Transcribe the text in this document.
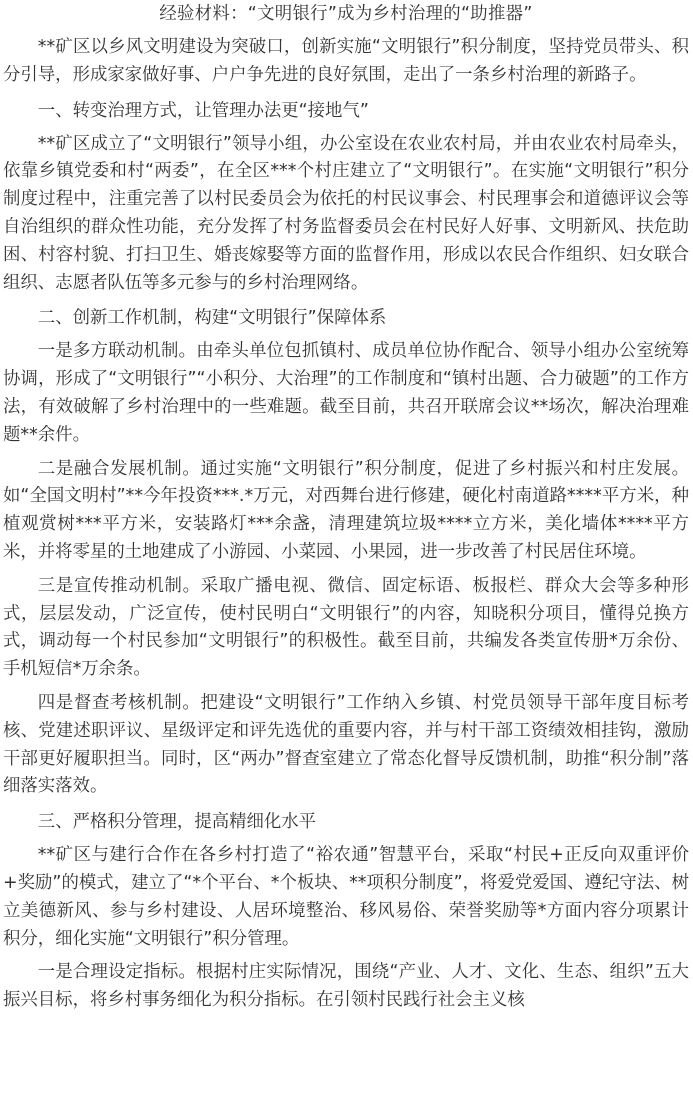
经验材料：“文明银行”成为乡村治理的“助推器”

**矿区以乡风文明建设为突破口，创新实施“文明银行”积分制度，坚持党员带头、积分引导，形成家家做好事、户户争先进的良好氛围，走出了一条乡村治理的新路子。

一、转变治理方式，让管理办法更“接地气”

**矿区成立了“文明银行”领导小组，办公室设在农业农村局，并由农业农村局牵头，依靠乡镇党委和村“两委”，在全区***个村庄建立了“文明银行”。在实施“文明银行”积分制度过程中，注重完善了以村民委员会为依托的村民议事会、村民理事会和道德评议会等自治组织的群众性功能，充分发挥了村务监督委员会在村民好人好事、文明新风、扶危助困、村容村貌、打扫卫生、婚丧嫁娶等方面的监督作用，形成以农民合作组织、妇女联合组织、志愿者队伍等多元参与的乡村治理网络。

二、创新工作机制，构建“文明银行”保障体系

一是多方联动机制。由牵头单位包抓镇村、成员单位协作配合、领导小组办公室统筹协调，形成了“文明银行”“小积分、大治理”的工作制度和“镇村出题、合力破题”的工作方法，有效破解了乡村治理中的一些难题。截至目前，共召开联席会议**场次，解决治理难题**余件。

二是融合发展机制。通过实施“文明银行”积分制度，促进了乡村振兴和村庄发展。如“全国文明村”**今年投资***.*万元，对西舞台进行修建，硬化村南道路****平方米，种植观赏树***平方米，安装路灯***余盏，清理建筑垃圾****立方米，美化墙体****平方米，并将零星的土地建成了小游园、小菜园、小果园，进一步改善了村民居住环境。

三是宣传推动机制。采取广播电视、微信、固定标语、板报栏、群众大会等多种形式，层层发动，广泛宣传，使村民明白“文明银行”的内容，知晓积分项目，懂得兑换方式，调动每一个村民参加“文明银行”的积极性。截至目前，共编发各类宣传册*万余份、手机短信*万余条。

四是督查考核机制。把建设“文明银行”工作纳入乡镇、村党员领导干部年度目标考核、党建述职评议、星级评定和评先选优的重要内容，并与村干部工资绩效相挂钩，激励干部更好履职担当。同时，区“两办”督查室建立了常态化督导反馈机制，助推“积分制”落细落实落效。

三、严格积分管理，提高精细化水平

**矿区与建行合作在各乡村打造了“裕农通”智慧平台，采取“村民+正反向双重评价+奖励”的模式，建立了“*个平台、*个板块、**项积分制度”，将爱党爱国、遵纪守法、树立美德新风、参与乡村建设、人居环境整治、移风易俗、荣誉奖励等*方面内容分项累计积分，细化实施“文明银行”积分管理。

一是合理设定指标。根据村庄实际情况，围绕“产业、人才、文化、生态、组织”五大振兴目标，将乡村事务细化为积分指标。在引领村民践行社会主义核
